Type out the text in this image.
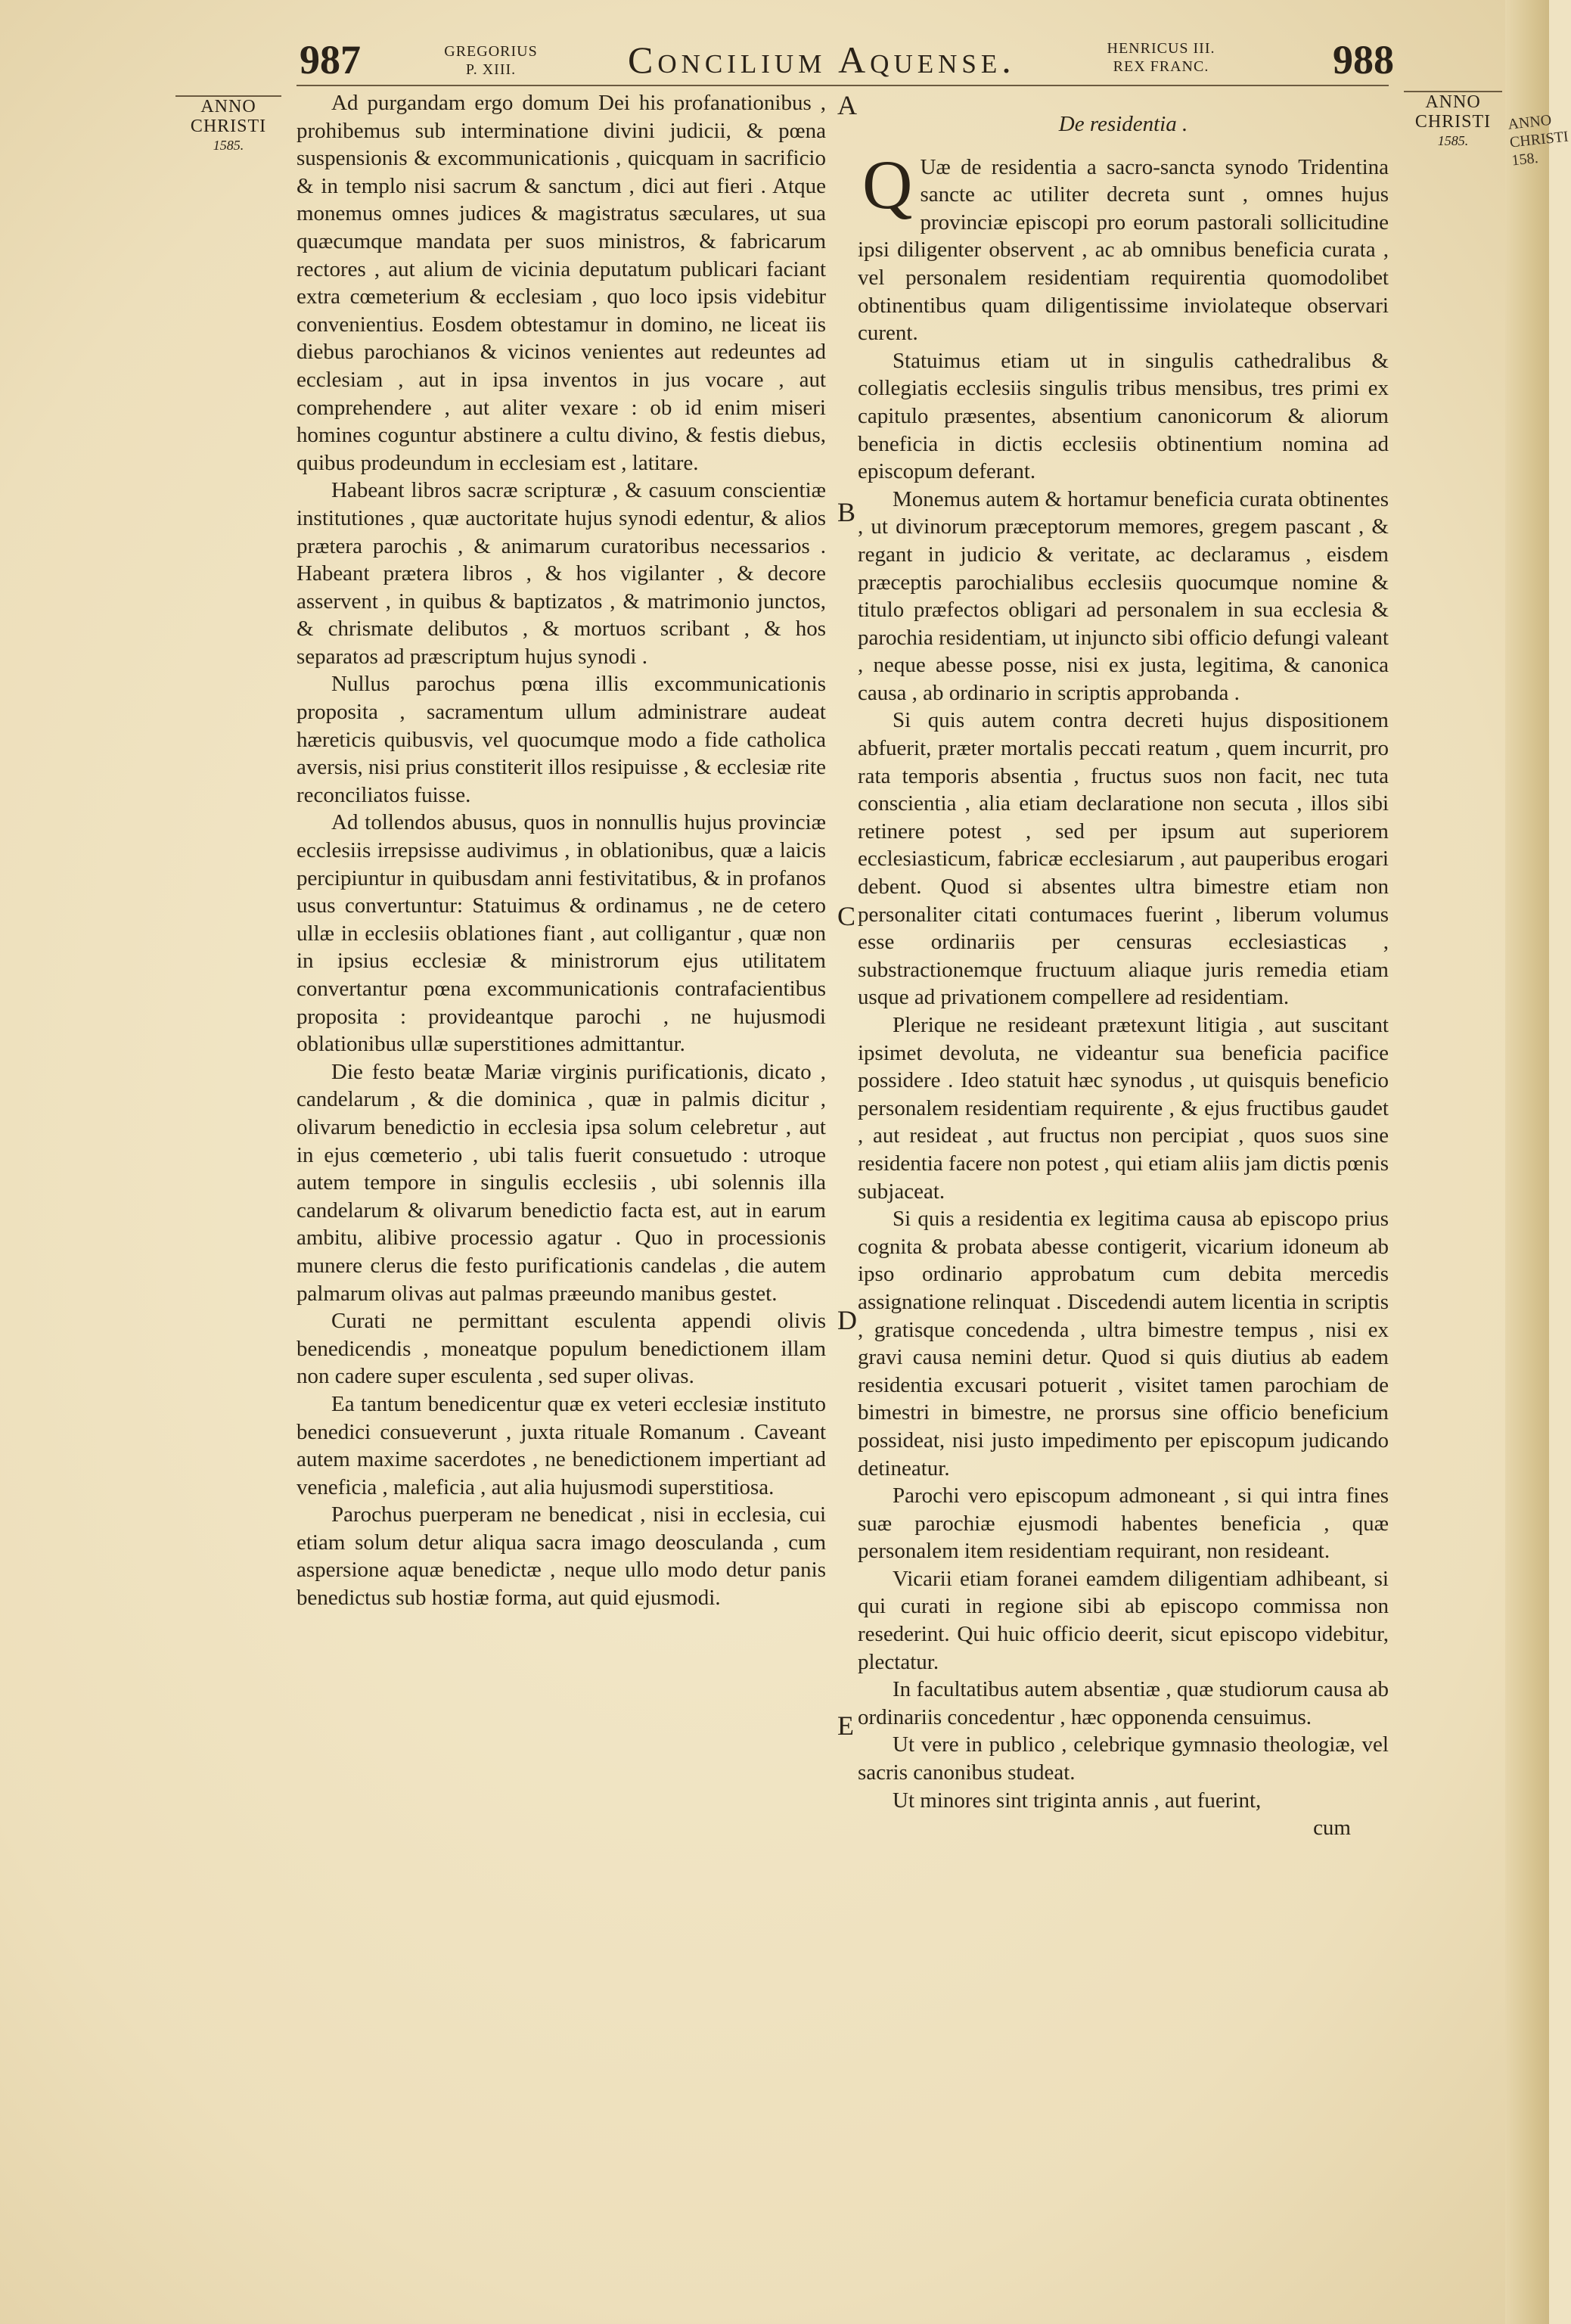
ANNO
CHRISTI
158.
987	GREGORIUS
P. XIII.	Concilium Aquense.	HENRICUS III.
REX FRANC.	988
ANNO
CHRISTI
1585.
ANNO
CHRISTI
1585.
A
B
C
D
E

Ad purgandam ergo domum Dei his profanationibus , prohibemus sub interminatione divini judicii, & pœna suspensionis & excommunicationis , quicquam in sacrificio & in templo nisi sacrum & sanctum , dici aut fieri . Atque monemus omnes judices & magistratus sæculares, ut sua quæcumque mandata per suos ministros, & fabricarum rectores , aut alium de vicinia deputatum publicari faciant extra cœmeterium & ecclesiam , quo loco ipsis videbitur convenientius. Eosdem obtestamur in domino, ne liceat iis diebus parochianos & vicinos venientes aut redeuntes ad ecclesiam , aut in ipsa inventos in jus vocare , aut comprehendere , aut aliter vexare : ob id enim miseri homines coguntur abstinere a cultu divino, & festis diebus, quibus prodeundum in ecclesiam est , latitare.

Habeant libros sacræ scripturæ , & casuum conscientiæ institutiones , quæ auctoritate hujus synodi edentur, & alios prætera parochis , & animarum curatoribus necessarios . Habeant prætera libros , & hos vigilanter , & decore asservent , in quibus & baptizatos , & matrimonio junctos, & chrismate delibutos , & mortuos scribant , & hos separatos ad præscriptum hujus synodi .

Nullus parochus pœna illis excommunicationis proposita , sacramentum ullum administrare audeat hæreticis quibusvis, vel quocumque modo a fide catholica aversis, nisi prius constiterit illos resipuisse , & ecclesiæ rite reconciliatos fuisse.

Ad tollendos abusus, quos in nonnullis hujus provinciæ ecclesiis irrepsisse audivimus , in oblationibus, quæ a laicis percipiuntur in quibusdam anni festivitatibus, & in profanos usus convertuntur: Statuimus & ordinamus , ne de cetero ullæ in ecclesiis oblationes fiant , aut colligantur , quæ non in ipsius ecclesiæ & ministrorum ejus utilitatem convertantur pœna excommunicationis contrafacientibus proposita : provideantque parochi , ne hujusmodi oblationibus ullæ superstitiones admittantur.

Die festo beatæ Mariæ virginis purificationis, dicato , candelarum , & die dominica , quæ in palmis dicitur , olivarum benedictio in ecclesia ipsa solum celebretur , aut in ejus cœmeterio , ubi talis fuerit consuetudo : utroque autem tempore in singulis ecclesiis , ubi solennis illa candelarum & olivarum benedictio facta est, aut in earum ambitu, alibive processio agatur . Quo in processionis munere clerus die festo purificationis candelas , die autem palmarum olivas aut palmas præeundo manibus gestet.

Curati ne permittant esculenta appendi olivis benedicendis , moneatque populum benedictionem illam non cadere super esculenta , sed super olivas.

Ea tantum benedicentur quæ ex veteri ecclesiæ instituto benedici consueverunt , juxta rituale Romanum . Caveant autem maxime sacerdotes , ne benedictionem impertiant ad veneficia , maleficia , aut alia hujusmodi superstitiosa.

Parochus puerperam ne benedicat , nisi in ecclesia, cui etiam solum detur aliqua sacra imago deosculanda , cum aspersione aquæ benedictæ , neque ullo modo detur panis benedictus sub hostiæ forma, aut quid ejusmodi.

De residentia .

Q Uæ de residentia a sacro-sancta synodo Tridentina sancte ac utiliter decreta sunt , omnes hujus provinciæ episcopi pro eorum pastorali sollicitudine ipsi diligenter observent , ac ab omnibus beneficia curata , vel personalem residentiam requirentia quomodolibet obtinentibus quam diligentissime inviolateque observari curent.

Statuimus etiam ut in singulis cathedralibus & collegiatis ecclesiis singulis tribus mensibus, tres primi ex capitulo præsentes, absentium canonicorum & aliorum beneficia in dictis ecclesiis obtinentium nomina ad episcopum deferant.

Monemus autem & hortamur beneficia curata obtinentes , ut divinorum præceptorum memores, gregem pascant , & regant in judicio & veritate, ac declaramus , eisdem præceptis parochialibus ecclesiis quocumque nomine & titulo præfectos obligari ad personalem in sua ecclesia & parochia residentiam, ut injuncto sibi officio defungi valeant , neque abesse posse, nisi ex justa, legitima, & canonica causa , ab ordinario in scriptis approbanda .

Si quis autem contra decreti hujus dispositionem abfuerit, præter mortalis peccati reatum , quem incurrit, pro rata temporis absentia , fructus suos non facit, nec tuta conscientia , alia etiam declaratione non secuta , illos sibi retinere potest , sed per ipsum aut superiorem ecclesiasticum, fabricæ ecclesiarum , aut pauperibus erogari debent. Quod si absentes ultra bimestre etiam non personaliter citati contumaces fuerint , liberum volumus esse ordinariis per censuras ecclesiasticas , substractionemque fructuum aliaque juris remedia etiam usque ad privationem compellere ad residentiam.

Plerique ne resideant prætexunt litigia , aut suscitant ipsimet devoluta, ne videantur sua beneficia pacifice possidere . Ideo statuit hæc synodus , ut quisquis beneficio personalem residentiam requirente , & ejus fructibus gaudet , aut resideat , aut fructus non percipiat , quos suos sine residentia facere non potest , qui etiam aliis jam dictis pœnis subjaceat.

Si quis a residentia ex legitima causa ab episcopo prius cognita & probata abesse contigerit, vicarium idoneum ab ipso ordinario approbatum cum debita mercedis assignatione relinquat . Discedendi autem licentia in scriptis , gratisque concedenda , ultra bimestre tempus , nisi ex gravi causa nemini detur. Quod si quis diutius ab eadem residentia excusari potuerit , visitet tamen parochiam de bimestri in bimestre, ne prorsus sine officio beneficium possideat, nisi justo impedimento per episcopum judicando detineatur.

Parochi vero episcopum admoneant , si qui intra fines suæ parochiæ ejusmodi habentes beneficia , quæ personalem item residentiam requirant, non resideant.

Vicarii etiam foranei eamdem diligentiam adhibeant, si qui curati in regione sibi ab episcopo commissa non resederint. Qui huic officio deerit, sicut episcopo videbitur, plectatur.

In facultatibus autem absentiæ , quæ studiorum causa ab ordinariis concedentur , hæc opponenda censuimus.

Ut vere in publico , celebrique gymnasio theologiæ, vel sacris canonibus studeat.

Ut minores sint triginta annis , aut fuerint,

cum
